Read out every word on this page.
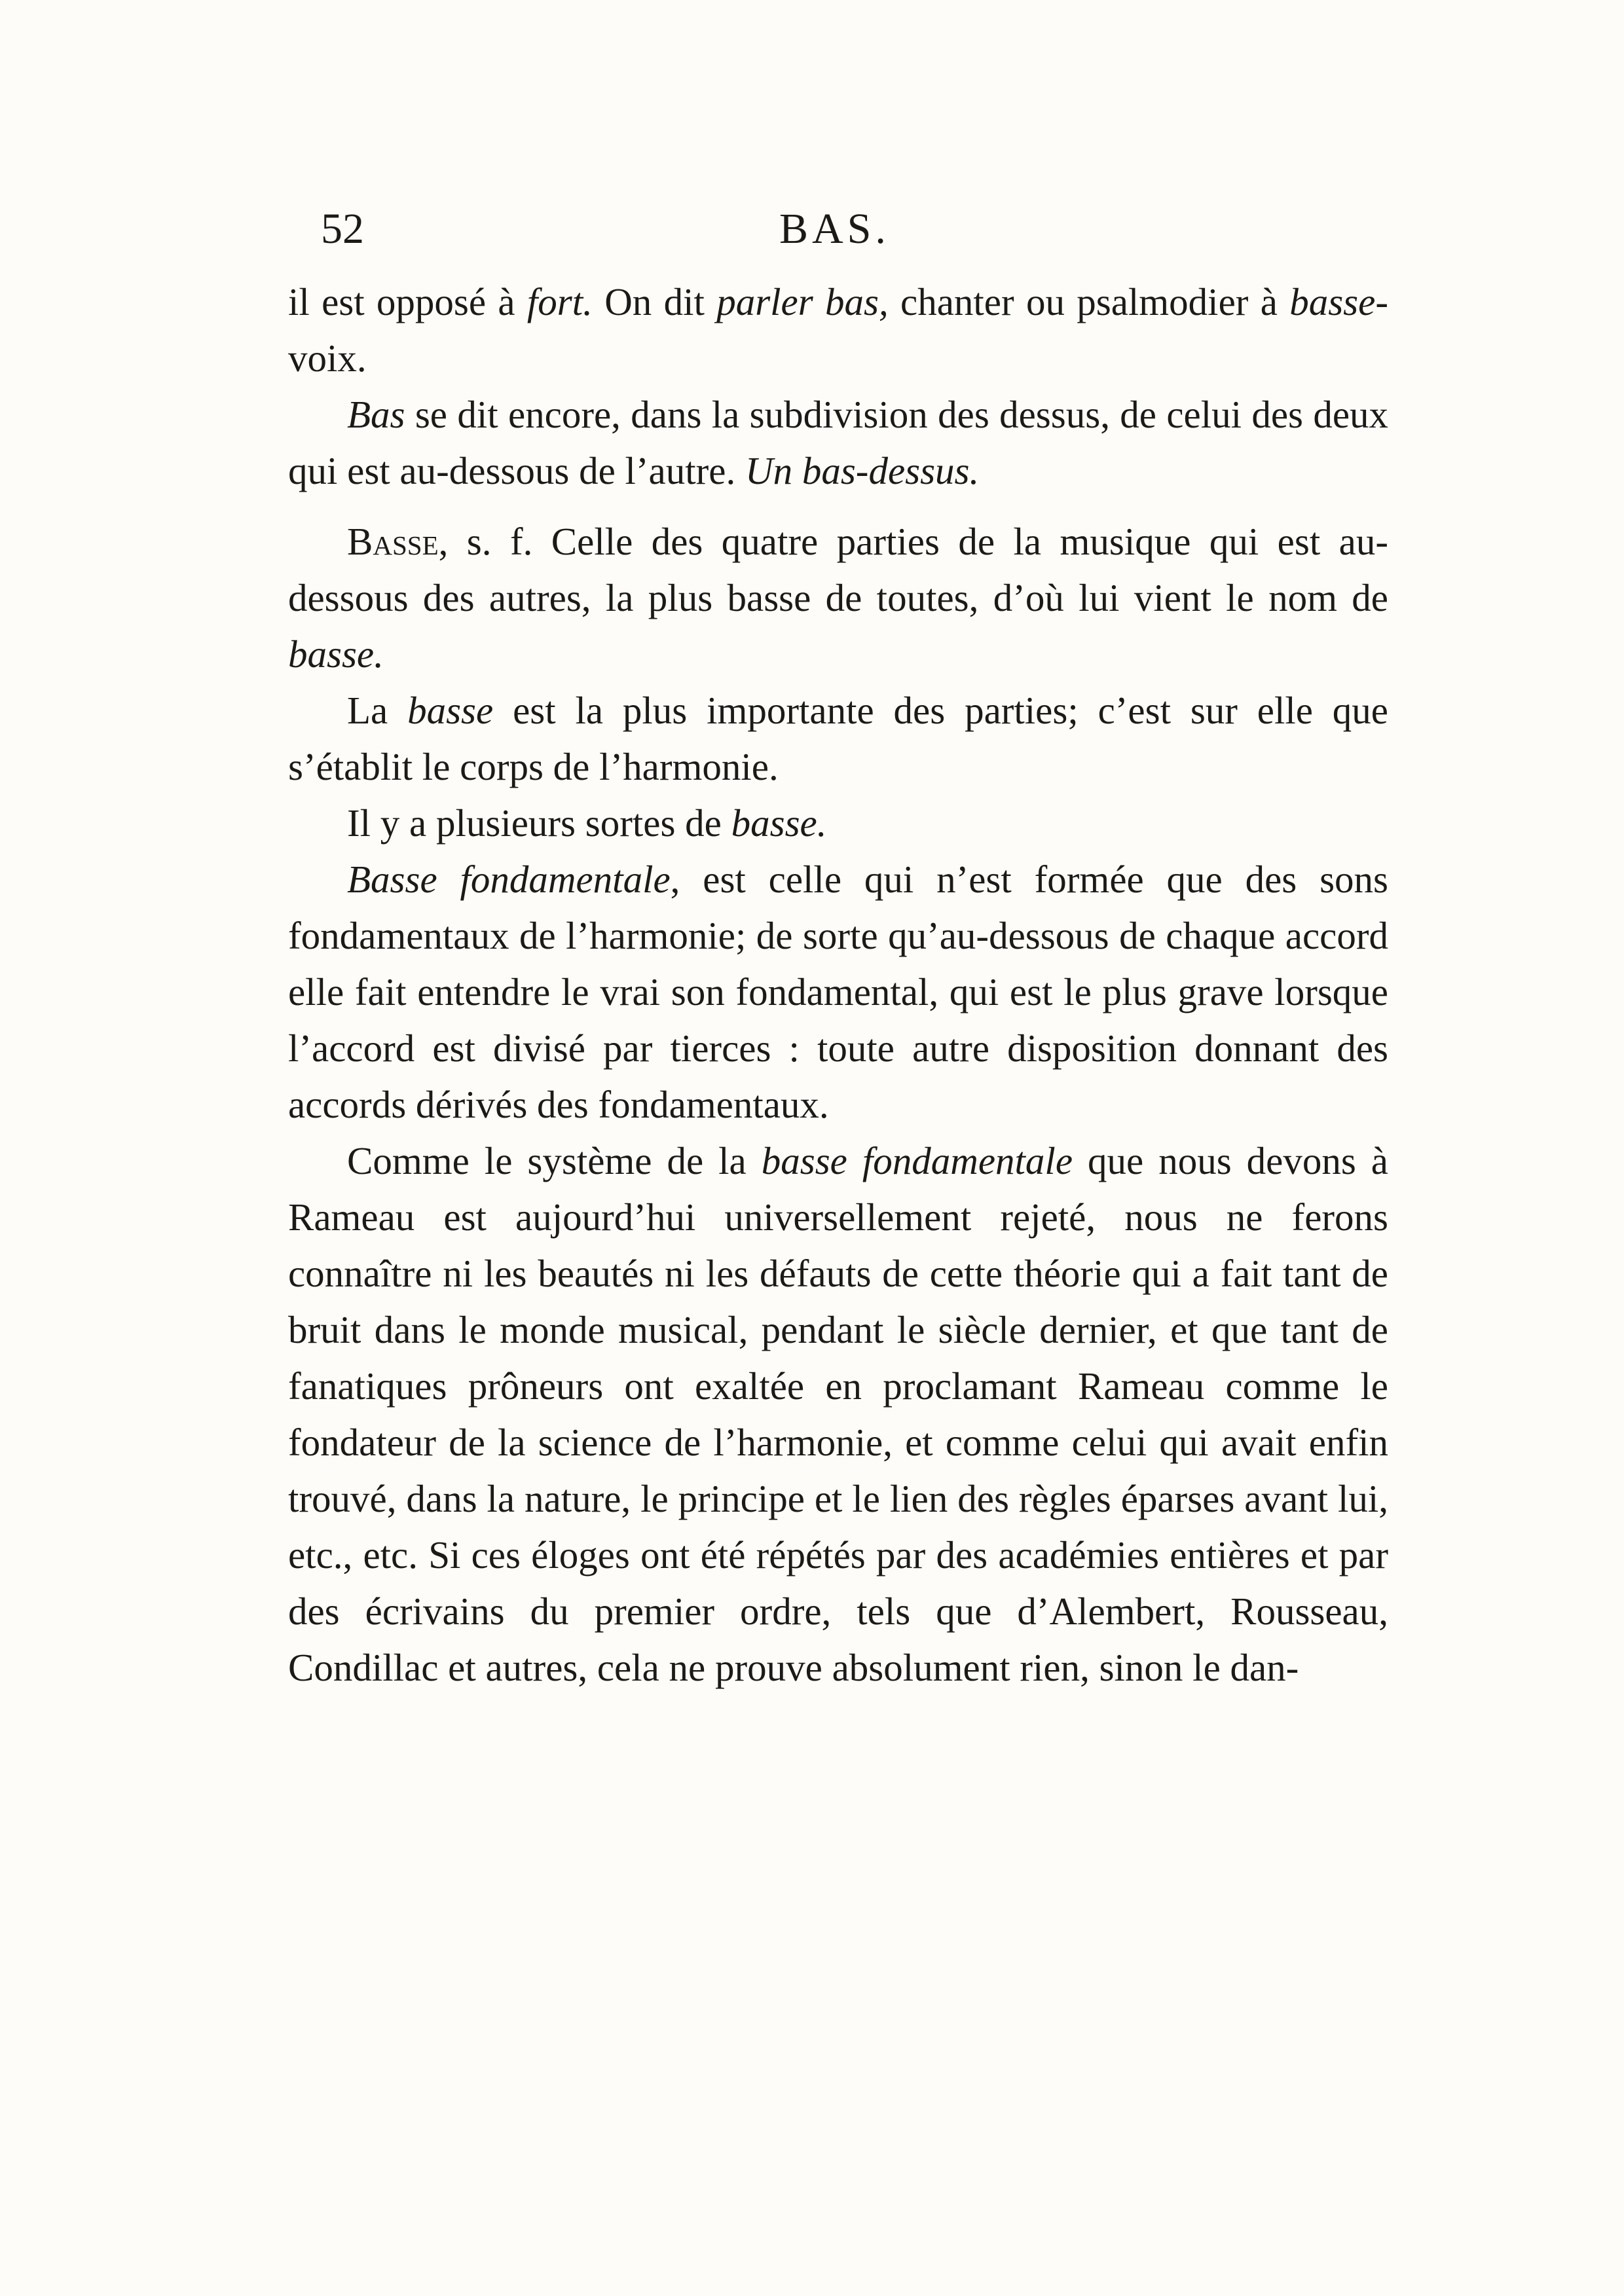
52	BAS.

il est opposé à fort. On dit parler bas, chanter ou psalmodier à basse-voix.

Bas se dit encore, dans la subdivision des dessus, de celui des deux qui est au-dessous de l’autre. Un bas-dessus.

Basse, s. f. Celle des quatre parties de la musique qui est au-dessous des autres, la plus basse de toutes, d’où lui vient le nom de basse.

La basse est la plus importante des parties; c’est sur elle que s’établit le corps de l’harmonie.

Il y a plusieurs sortes de basse.

Basse fondamentale, est celle qui n’est formée que des sons fondamentaux de l’harmonie; de sorte qu’au-dessous de chaque accord elle fait entendre le vrai son fondamental, qui est le plus grave lorsque l’accord est divisé par tierces : toute autre disposition donnant des accords dérivés des fondamentaux.

Comme le système de la basse fondamentale que nous devons à Rameau est aujourd’hui universellement rejeté, nous ne ferons connaître ni les beautés ni les défauts de cette théorie qui a fait tant de bruit dans le monde musical, pendant le siècle dernier, et que tant de fanatiques prôneurs ont exaltée en proclamant Rameau comme le fondateur de la science de l’harmonie, et comme celui qui avait enfin trouvé, dans la nature, le principe et le lien des règles éparses avant lui, etc., etc. Si ces éloges ont été répétés par des académies entières et par des écrivains du premier ordre, tels que d’Alembert, Rousseau, Condillac et autres, cela ne prouve absolument rien, sinon le dan-
